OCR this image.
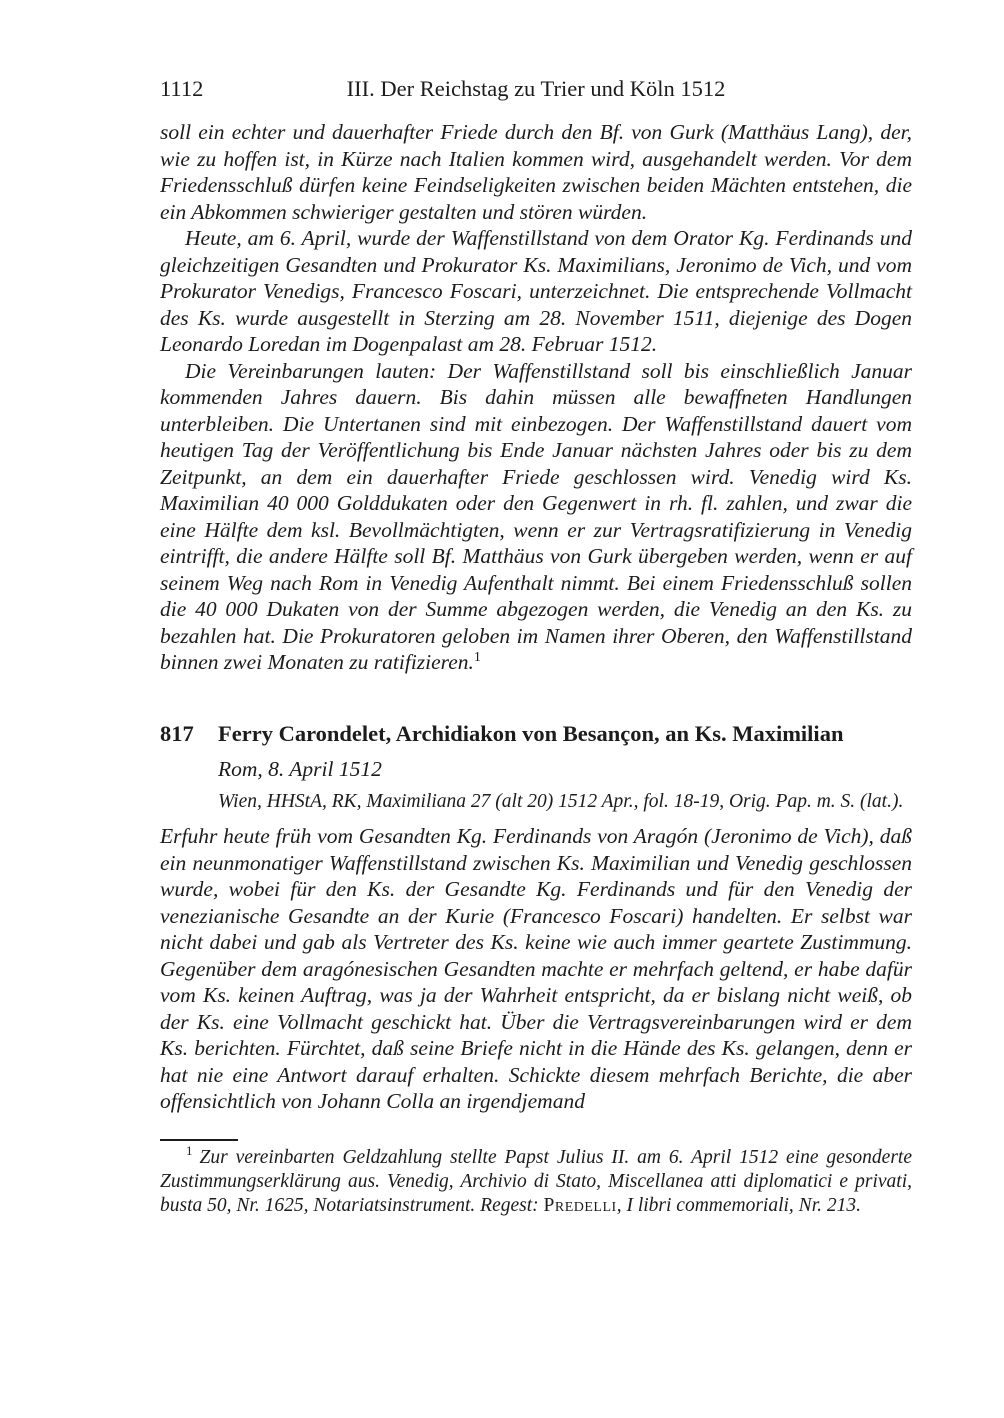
1112	III. Der Reichstag zu Trier und Köln 1512

soll ein echter und dauerhafter Friede durch den Bf. von Gurk (Matthäus Lang), der, wie zu hoffen ist, in Kürze nach Italien kommen wird, ausgehandelt werden. Vor dem Friedensschluß dürfen keine Feindseligkeiten zwischen beiden Mächten entstehen, die ein Abkommen schwieriger gestalten und stören würden.

Heute, am 6. April, wurde der Waffenstillstand von dem Orator Kg. Ferdinands und gleichzeitigen Gesandten und Prokurator Ks. Maximilians, Jeronimo de Vich, und vom Prokurator Venedigs, Francesco Foscari, unterzeichnet. Die entsprechende Vollmacht des Ks. wurde ausgestellt in Sterzing am 28. November 1511, diejenige des Dogen Leonardo Loredan im Dogenpalast am 28. Februar 1512.

Die Vereinbarungen lauten: Der Waffenstillstand soll bis einschließlich Januar kommenden Jahres dauern. Bis dahin müssen alle bewaffneten Handlungen unterbleiben. Die Untertanen sind mit einbezogen. Der Waffenstillstand dauert vom heutigen Tag der Veröffentlichung bis Ende Januar nächsten Jahres oder bis zu dem Zeitpunkt, an dem ein dauerhafter Friede geschlossen wird. Venedig wird Ks. Maximilian 40 000 Golddukaten oder den Gegenwert in rh. fl. zahlen, und zwar die eine Hälfte dem ksl. Bevollmächtigten, wenn er zur Vertragsratifizierung in Venedig eintrifft, die andere Hälfte soll Bf. Matthäus von Gurk übergeben werden, wenn er auf seinem Weg nach Rom in Venedig Aufenthalt nimmt. Bei einem Friedensschluß sollen die 40 000 Dukaten von der Summe abgezogen werden, die Venedig an den Ks. zu bezahlen hat. Die Prokuratoren geloben im Namen ihrer Oberen, den Waffenstillstand binnen zwei Monaten zu ratifizieren.$^1$

817	Ferry Carondelet, Archidiakon von Besançon, an Ks. Maximilian

Rom, 8. April 1512

Wien, HHStA, RK, Maximiliana 27 (alt 20) 1512 Apr., fol. 18-19, Orig. Pap. m. S. (lat.).

Erfuhr heute früh vom Gesandten Kg. Ferdinands von Aragón (Jeronimo de Vich), daß ein neunmonatiger Waffenstillstand zwischen Ks. Maximilian und Venedig geschlossen wurde, wobei für den Ks. der Gesandte Kg. Ferdinands und für den Venedig der venezianische Gesandte an der Kurie (Francesco Foscari) handelten. Er selbst war nicht dabei und gab als Vertreter des Ks. keine wie auch immer geartete Zustimmung. Gegenüber dem aragónesischen Gesandten machte er mehrfach geltend, er habe dafür vom Ks. keinen Auftrag, was ja der Wahrheit entspricht, da er bislang nicht weiß, ob der Ks. eine Vollmacht geschickt hat. Über die Vertragsvereinbarungen wird er dem Ks. berichten. Fürchtet, daß seine Briefe nicht in die Hände des Ks. gelangen, denn er hat nie eine Antwort darauf erhalten. Schickte diesem mehrfach Berichte, die aber offensichtlich von Johann Colla an irgendjemand

$^1$ Zur vereinbarten Geldzahlung stellte Papst Julius II. am 6. April 1512 eine gesonderte Zustimmungserklärung aus. Venedig, Archivio di Stato, Miscellanea atti diplomatici e privati, busta 50, Nr. 1625, Notariatsinstrument. Regest: Predelli, I libri commemoriali, Nr. 213.
